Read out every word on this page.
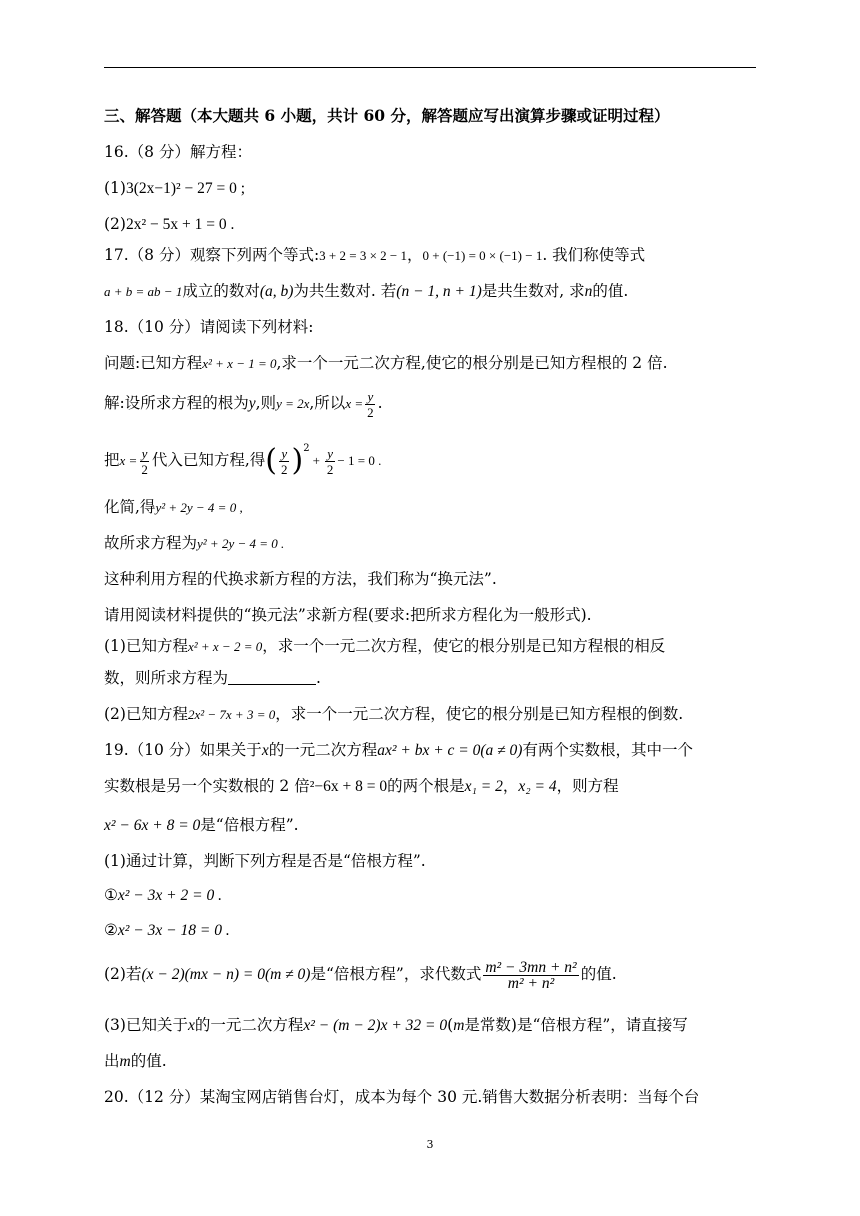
三、解答题（本大题共 6 小题，共计 60 分，解答题应写出演算步骤或证明过程）
16.（8 分）解方程：
(1)3(2x−1)² − 27 = 0 ;
(2)2x² − 5x + 1 = 0 .
17.（8 分）观察下列两个等式:3 + 2 = 3 × 2 − 1，0 + (−1) = 0 × (−1) − 1. 我们称使等式
a + b = ab − 1成立的数对(a, b)为共生数对. 若(n − 1, n + 1)是共生数对, 求n的值.
18.（10 分）请阅读下列材料:
问题:已知方程x² + x − 1 = 0,求一个一元二次方程,使它的根分别是已知方程根的 2 倍.
解:设所求方程的根为y,则y = 2x,所以$x = \frac{y}{2}$ .
把$x = \frac{y}{2}$ 代入已知方程,得( $\frac{y}{2} )^2+ \frac{y}{2} - 1 = 0$ .
化简,得y² + 2y − 4 = 0 ,
故所求方程为y² + 2y − 4 = 0 .
这种利用方程的代换求新方程的方法，我们称为“换元法”.
请用阅读材料提供的“换元法”求新方程(要求:把所求方程化为一般形式).
(1)已知方程x² + x − 2 = 0，求一个一元二次方程，使它的根分别是已知方程根的相反
数，则所求方程为	.
(2)已知方程2x² − 7x + 3 = 0，求一个一元二次方程，使它的根分别是已知方程根的倒数.
19.（10 分）如果关于x的一元二次方程ax² + bx + c = 0(a ≠ 0)有两个实数根，其中一个
实数根是另一个实数根的 2 倍²−6x + 8 = 0的两个根是x₁ = 2，x₂ = 4，则方程
x² − 6x + 8 = 0是“倍根方程”.
(1)通过计算，判断下列方程是否是“倍根方程”.
①x² − 3x + 2 = 0 .
②x² − 3x − 18 = 0 .
(2)若(x − 2)(mx − n) = 0(m ≠ 0)是“倍根方程”，求代数式 $\frac{\text{m² − 3mn + n²}}{\text{m² + n²}}$ 的值.
(3)已知关于x的一元二次方程x² − (m − 2)x + 32 = 0(m是常数)是“倍根方程”，请直接写
出m的值.
20.（12 分）某淘宝网店销售台灯，成本为每个 30 元.销售大数据分析表明：当每个台
3
